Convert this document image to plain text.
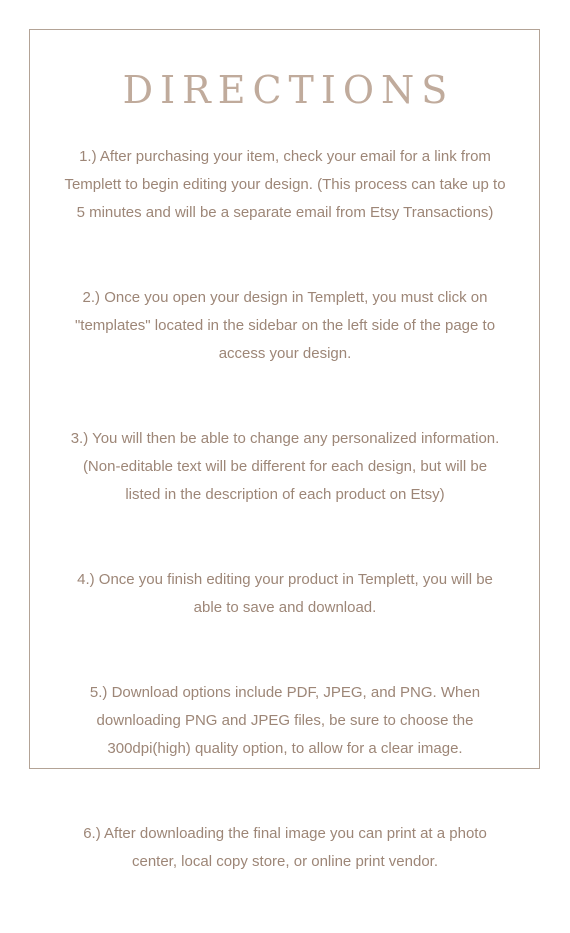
DIRECTIONS

1.) After purchasing your item, check your email for a link from
Templett to begin editing your design. (This process can take up to
5 minutes and will be a separate email from Etsy Transactions)

2.) Once you open your design in Templett, you must click on
"templates" located in the sidebar on the left side of the page to
access your design.

3.) You will then be able to change any personalized information.
(Non-editable text will be different for each design, but will be
listed in the description of each product on Etsy)

4.) Once you finish editing your product in Templett, you will be
able to save and download.

5.) Download options include PDF, JPEG, and PNG. When
downloading PNG and JPEG files, be sure to choose the
300dpi(high) quality option, to allow for a clear image.

6.) After downloading the final image you can print at a photo
center, local copy store, or online print vendor.
